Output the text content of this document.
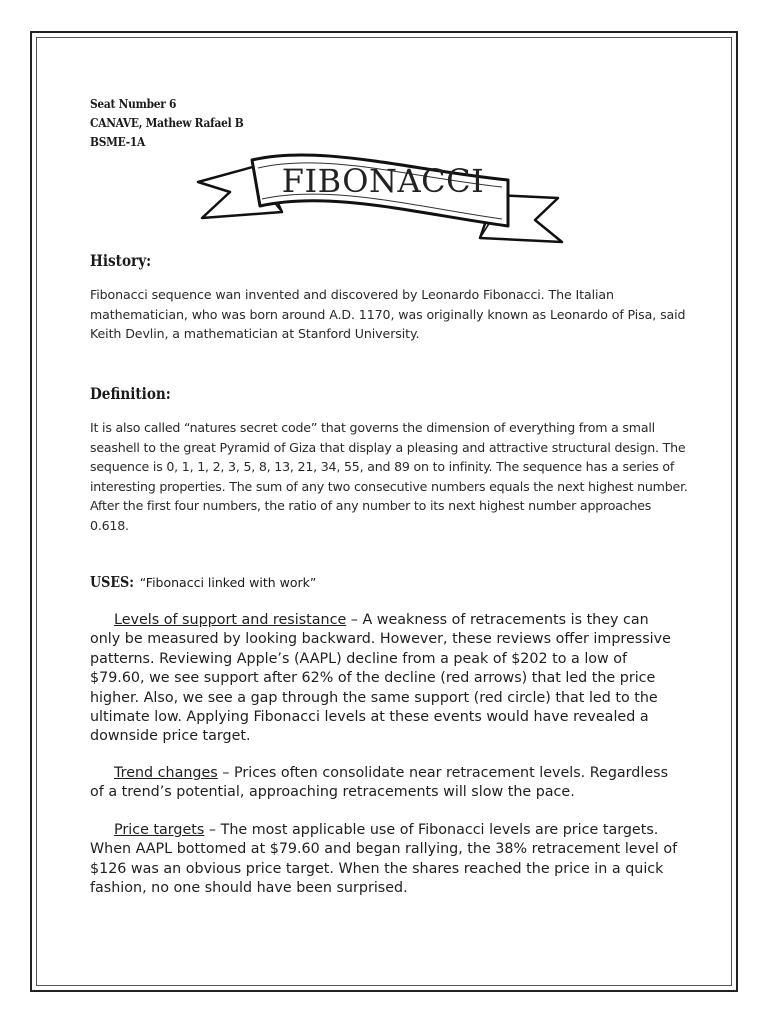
Seat Number 6
CANAVE, Mathew Rafael B
BSME-1A
FIBONACCI
History:
Fibonacci sequence wan invented and discovered by Leonardo Fibonacci. The Italian mathematician, who was born around A.D. 1170, was originally known as Leonardo of Pisa, said Keith Devlin, a mathematician at Stanford University.
Definition:
It is also called “natures secret code” that governs the dimension of everything from a small seashell to the great Pyramid of Giza that display a pleasing and attractive structural design. The sequence is 0, 1, 1, 2, 3, 5, 8, 13, 21, 34, 55, and 89 on to infinity. The sequence has a series of interesting properties. The sum of any two consecutive numbers equals the next highest number. After the first four numbers, the ratio of any number to its next highest number approaches 0.618.
USES: “Fibonacci linked with work”
Levels of support and resistance – A weakness of retracements is they can only be measured by looking backward. However, these reviews offer impressive patterns. Reviewing Apple’s (AAPL) decline from a peak of $202 to a low of $79.60, we see support after 62% of the decline (red arrows) that led the price higher. Also, we see a gap through the same support (red circle) that led to the ultimate low. Applying Fibonacci levels at these events would have revealed a downside price target.
Trend changes – Prices often consolidate near retracement levels. Regardless of a trend’s potential, approaching retracements will slow the pace.
Price targets – The most applicable use of Fibonacci levels are price targets. When AAPL bottomed at $79.60 and began rallying, the 38% retracement level of $126 was an obvious price target. When the shares reached the price in a quick fashion, no one should have been surprised.
